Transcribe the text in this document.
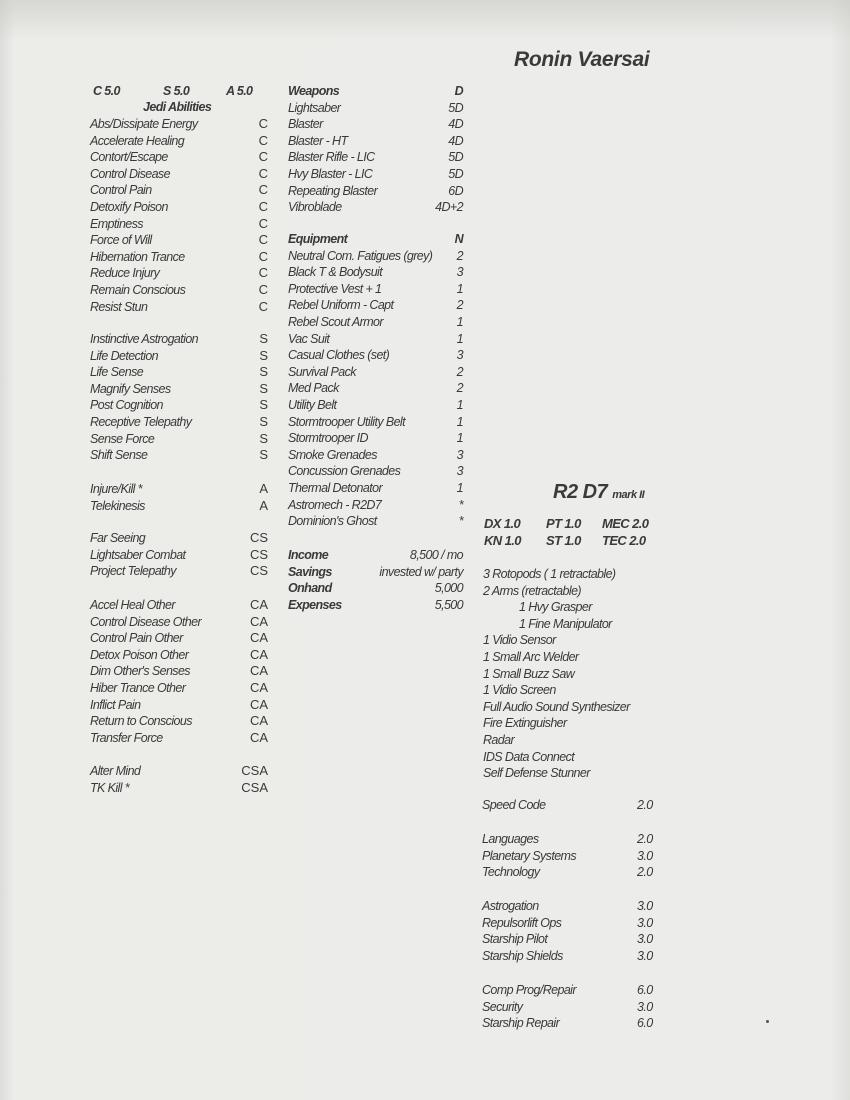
Ronin Vaersai
C 5.0	S 5.0	A 5.0
Jedi Abilities
Abs/Dissipate Energy	C
Accelerate Healing	C
Contort/Escape	C
Control Disease	C
Control Pain	C
Detoxify Poison	C
Emptiness	C
Force of Will	C
Hibernation Trance	C
Reduce Injury	C
Remain Conscious	C
Resist Stun	C
Instinctive Astrogation	S
Life Detection	S
Life Sense	S
Magnify Senses	S
Post Cognition	S
Receptive Telepathy	S
Sense Force	S
Shift Sense	S
Injure/Kill *	A
Telekinesis	A
Far Seeing	CS
Lightsaber Combat	CS
Project Telepathy	CS
Accel Heal Other	CA
Control Disease Other	CA
Control Pain Other	CA
Detox Poison Other	CA
Dim Other's Senses	CA
Hiber Trance Other	CA
Inflict Pain	CA
Return to Conscious	CA
Transfer Force	CA
Alter Mind	CSA
TK Kill *	CSA
Weapons	D
Lightsaber	5D
Blaster	4D
Blaster - HT	4D
Blaster Rifle - LIC	5D
Hvy Blaster - LIC	5D
Repeating Blaster	6D
Vibroblade	4D+2
Equipment	N
Neutral Com. Fatigues (grey) 2
Black T & Bodysuit	3
Protective Vest + 1	1
Rebel Uniform - Capt	2
Rebel Scout Armor	1
Vac Suit	1
Casual Clothes (set)	3
Survival Pack	2
Med Pack	2
Utility Belt	1
Stormtrooper Utility Belt	1
Stormtrooper ID	1
Smoke Grenades	3
Concussion Grenades	3
Thermal Detonator	1
Astromech - R2D7	*
Dominion's Ghost	*
Income	8,500 / mo
Savings	invested w/ party
Onhand	5,000
Expenses	5,500
R2 D7 mark II
DX 1.0 PT 1.0 MEC 2.0
KN 1.0 ST 1.0 TEC 2.0
3 Rotopods ( 1 retractable)
2 Arms (retractable)
1 Hvy Grasper
1 Fine Manipulator
1 Vidio Sensor
1 Small Arc Welder
1 Small Buzz Saw
1 Vidio Screen
Full Audio Sound Synthesizer
Fire Extinguisher
Radar
IDS Data Connect
Self Defense Stunner
Speed Code	2.0
Languages	2.0
Planetary Systems	3.0
Technology	2.0
Astrogation	3.0
Repulsorlift Ops	3.0
Starship Pilot	3.0
Starship Shields	3.0
Comp Prog/Repair	6.0
Security	3.0
Starship Repair	6.0
